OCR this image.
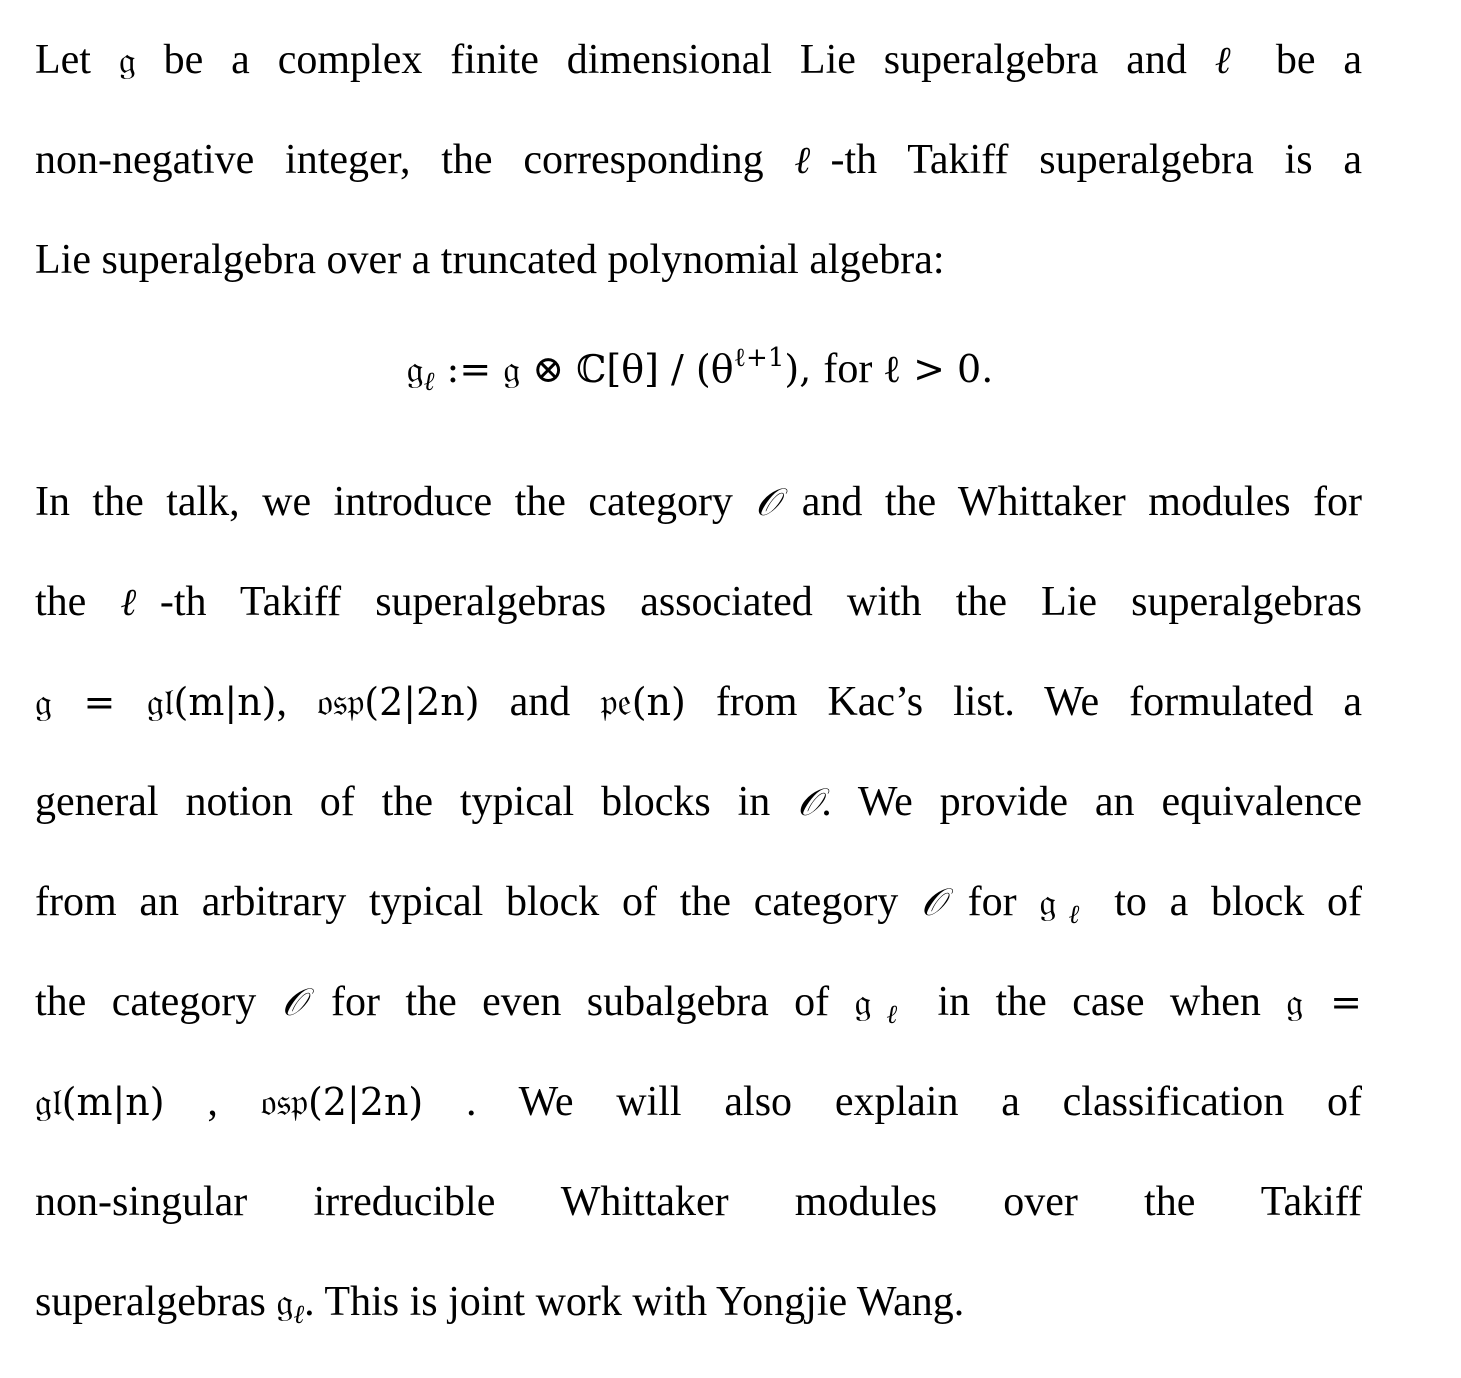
Let 𝔤 be a complex finite dimensional Lie superalgebra and ℓ be a
non-negative integer, the corresponding ℓ-th Takiff superalgebra is a
Lie superalgebra over a truncated polynomial algebra:
𝔤$_\ell$ := 𝔤 ⊗ ℂ[θ] / $(\theta^{\ell+1})$, for ℓ > 0.
In the talk, we introduce the category 𝒪 and the Whittaker modules for
the ℓ-th Takiff superalgebras associated with the Lie superalgebras
𝔤 = 𝔤𝔩(m|n), 𝔬𝔰𝔭(2|2n) and 𝔭𝔢(n) from Kac’s list. We formulated a
general notion of the typical blocks in 𝒪. We provide an equivalence
from an arbitrary typical block of the category 𝒪 for 𝔤$_\ell$ to a block of
the category 𝒪 for the even subalgebra of 𝔤$_\ell$ in the case when 𝔤 =
𝔤𝔩(m|n) , 𝔬𝔰𝔭(2|2n) . We will also explain a classification of
non-singular irreducible Whittaker modules over the Takiff
superalgebras 𝔤$_\ell$. This is joint work with Yongjie Wang.
